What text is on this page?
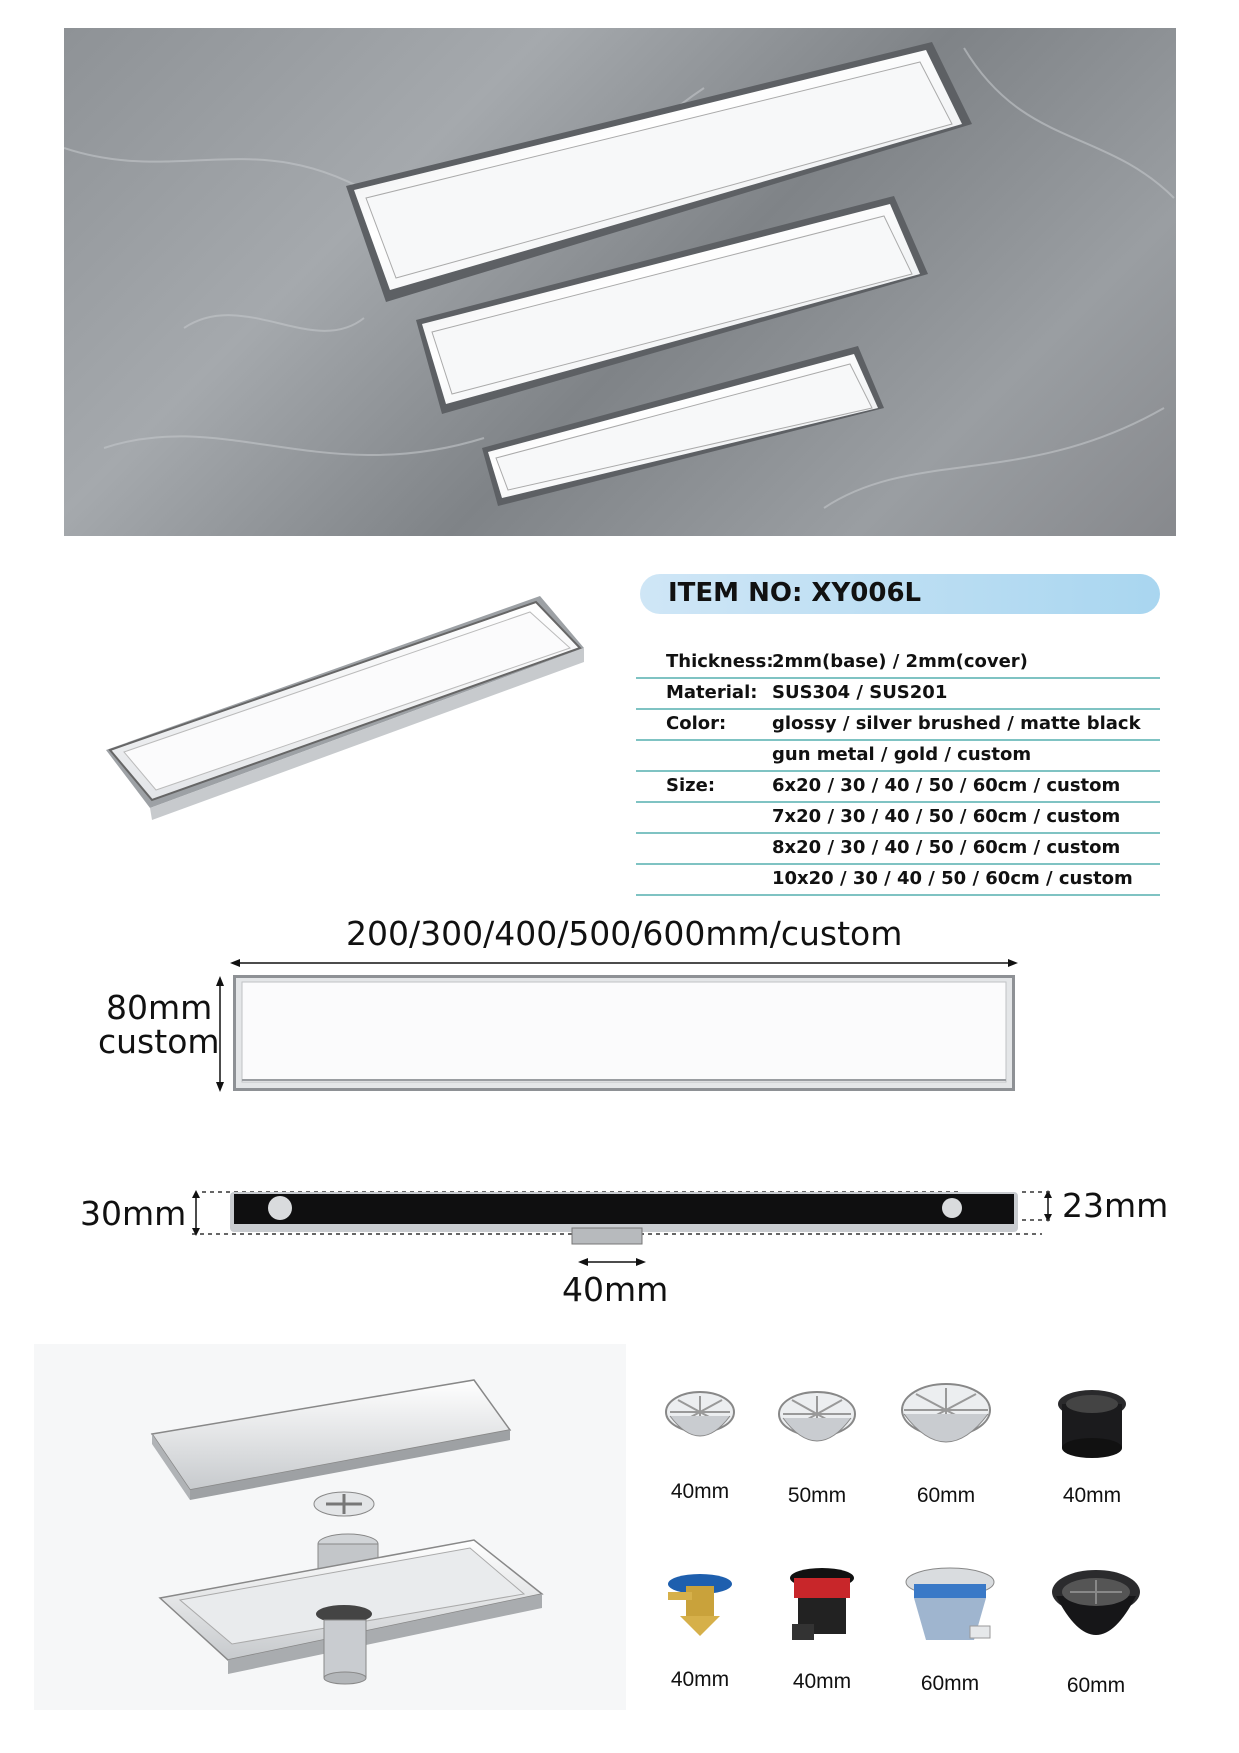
ITEM NO: XY006L
Thickness:
2mm(base) / 2mm(cover)
Material: SUS304 / SUS201
Color:	glossy / silver brushed / matte black
gun metal / gold / custom
Size:	6x20 / 30 / 40 / 50 / 60cm / custom
7x20 / 30 / 40 / 50 / 60cm / custom
8x20 / 30 / 40 / 50 / 60cm / custom
10x20 / 30 / 40 / 50 / 60cm / custom
200/300/400/500/600mm/custom
80mm
custom
30mm	23mm
40mm
40mm	50mm	60mm	40mm
40mm	40mm	60mm	60mm
